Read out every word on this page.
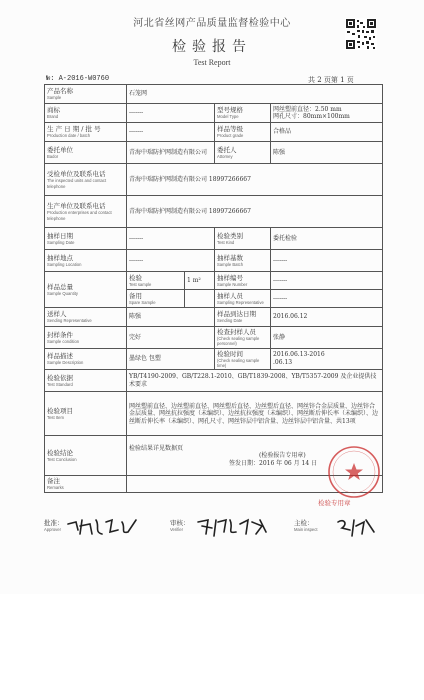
河北省丝网产品质量监督检验中心
检验报告
Test Report
№: A-2016-W0760	共 2 页第 1 页
产品名称
Sample	石笼网			

商标
Brand	-------		型号规格
Model Type	网丝塑前直径：2.50 mm
网孔尺寸：80mm×100mm

生 产 日 期 / 批 号
Production date / batch	-------		样品等级
Product grade	合格品

委托单位
Bador	青海中瑞防护网制造有限公司		委托人
Attorney	陈强

受检单位及联系电话
The inspected units and contact telephone	青海中瑞防护网制造有限公司 18997266667			

生产单位及联系电话
Production enterprises and contact telephone	青海中瑞防护网制造有限公司 18997266667			

抽样日期
Sampling Date	-------		检验类别
Test Kind	委托检验

抽样地点
Sampling Location	-------		抽样基数
Sample Batch	-------

样品总量
Sample Quantity	检验
Test sample	1 m²	抽样编号
Sample Number	-------

	备用
Spare Sample		抽样人员
Sampling Representative	-------

送样人
Sending Representative	陈强		样品到达日期
Sending Date	2016.06.12

封样条件
Sample condition	完好		检查封样人员
(Check sealing sample personnel)	张静

样品描述
Sample Description	墨绿色 包塑		检验时间
(Check sealing sample time)	2016.06.13-2016
.06.13

检验依据
Test Standard	YB/T4190-2009、GB/T228.1-2010、GB/T1839-2008、YB/T5357-2009 及企业提供技术要求			

检验项目
Test Item	网丝塑前直径、边丝塑前直径、网丝塑后直径、边丝塑后直径、网丝锌合金层质量、边丝锌合金层质量、网丝抗拉强度（未编织）、边丝抗拉强度（未编织）、网丝断后伸长率（未编织）、边丝断后伸长率（未编织）、网孔尺寸、网丝锌层中铝含量、边丝锌层中铝含量、共13项			

检验结论
Test Conclusion	检验结果详见数据页
(检验报告专用章)
签发日期：2016 年 06 月 14 日			

备注
Remarks				

检验专用章
批准：
Approver
审核：
Verifier
主检：
Main inspect
